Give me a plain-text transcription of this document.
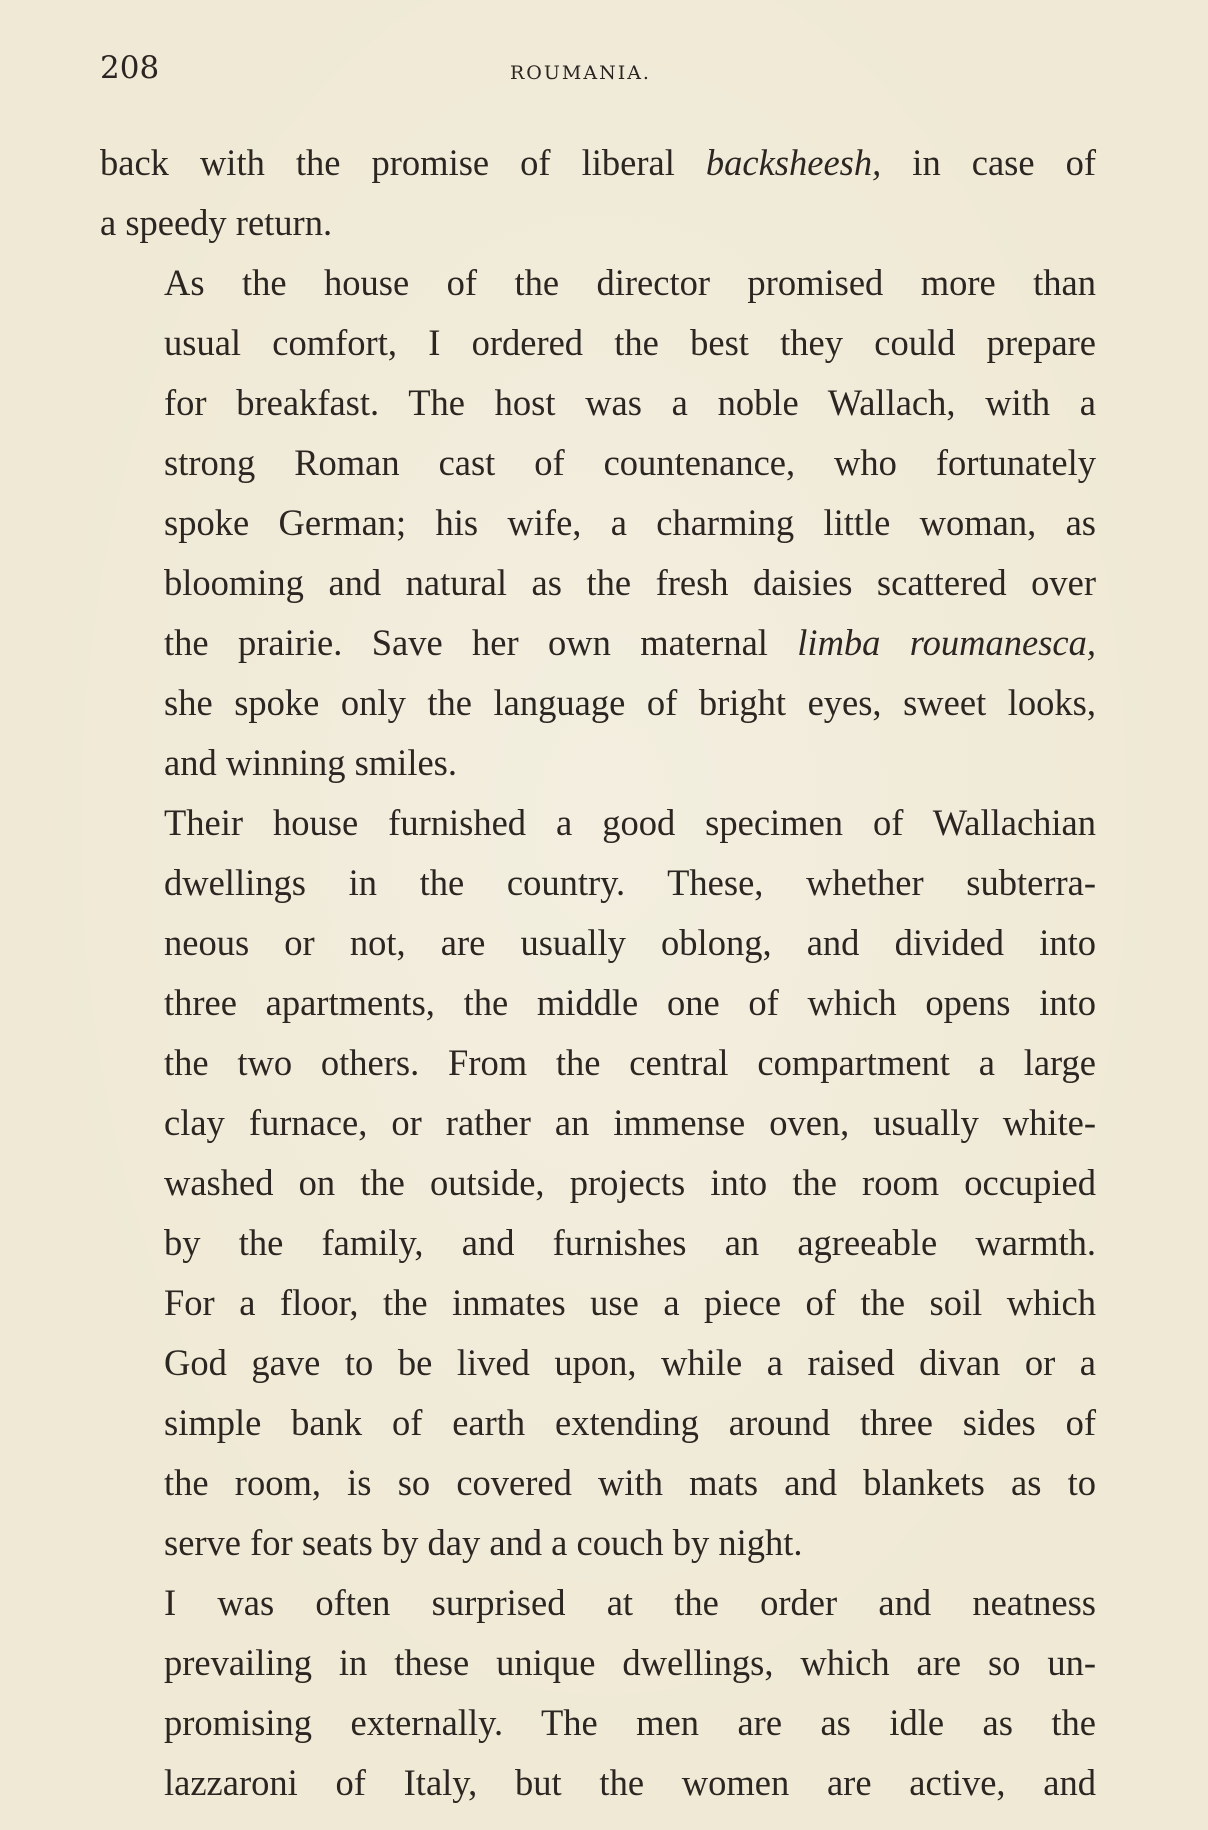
208	ROUMANIA.
back with the promise of liberal backsheesh, in case of
a speedy return.
As the house of the director promised more than
usual comfort, I ordered the best they could prepare
for breakfast. The host was a noble Wallach, with a
strong Roman cast of countenance, who fortunately
spoke German; his wife, a charming little woman, as
blooming and natural as the fresh daisies scattered over
the prairie. Save her own maternal limba roumanesca,
she spoke only the language of bright eyes, sweet looks,
and winning smiles.
Their house furnished a good specimen of Wallachian
dwellings in the country. These, whether subterra-
neous or not, are usually oblong, and divided into
three apartments, the middle one of which opens into
the two others. From the central compartment a large
clay furnace, or rather an immense oven, usually white-
washed on the outside, projects into the room occupied
by the family, and furnishes an agreeable warmth.
For a floor, the inmates use a piece of the soil which
God gave to be lived upon, while a raised divan or a
simple bank of earth extending around three sides of
the room, is so covered with mats and blankets as to
serve for seats by day and a couch by night.
I was often surprised at the order and neatness
prevailing in these unique dwellings, which are so un-
promising externally. The men are as idle as the
lazzaroni of Italy, but the women are active, and
